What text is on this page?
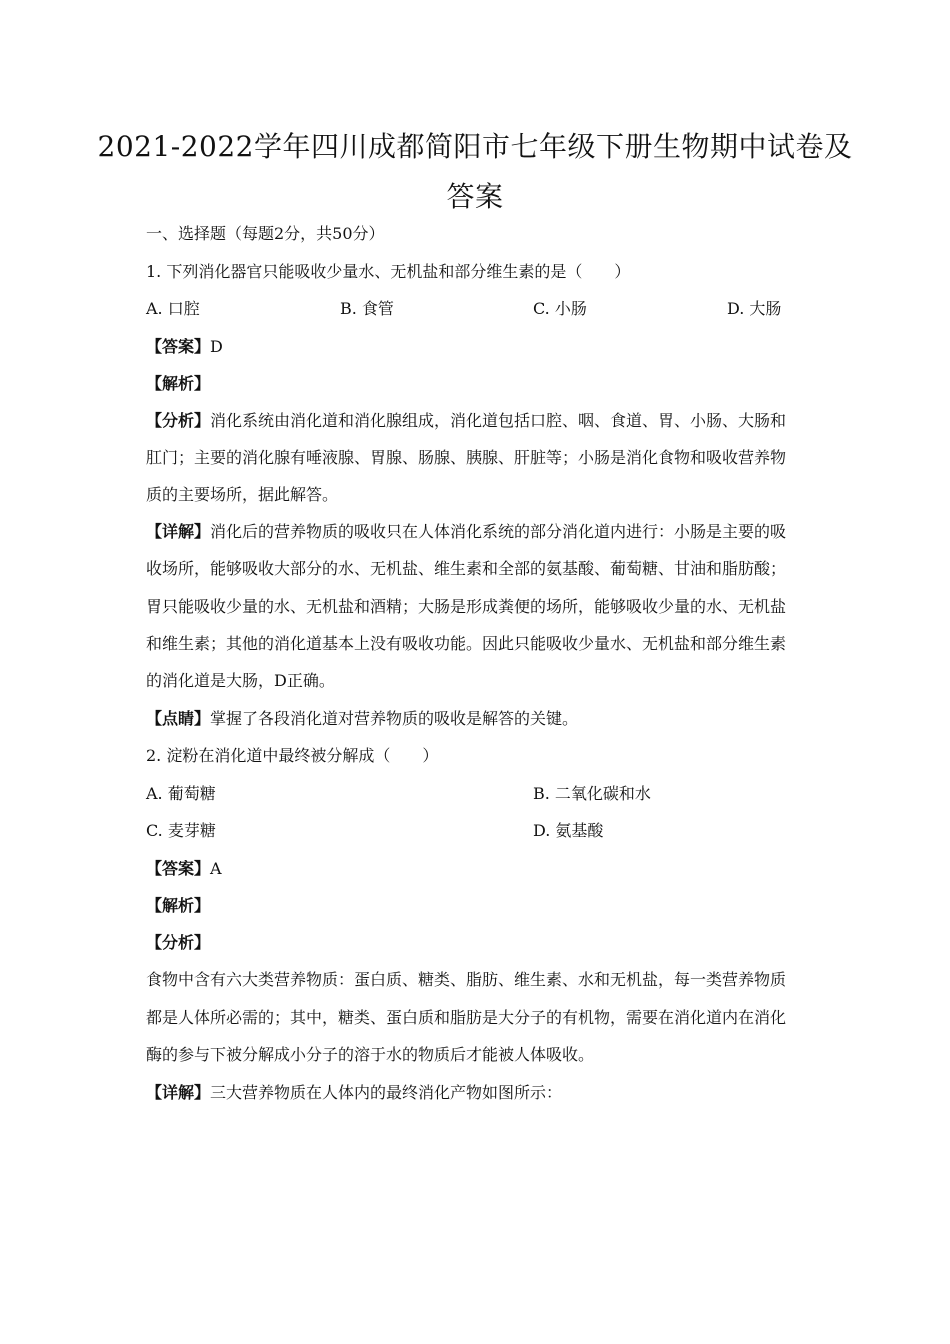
2021-2022学年四川成都简阳市七年级下册生物期中试卷及
答案
一、选择题（每题2分，共50分）
1. 下列消化器官只能吸收少量水、无机盐和部分维生素的是（　　）
A. 口腔	B. 食管	C. 小肠	D. 大肠
【答案】D
【解析】
【分析】消化系统由消化道和消化腺组成，消化道包括口腔、咽、食道、胃、小肠、大肠和
肛门；主要的消化腺有唾液腺、胃腺、肠腺、胰腺、肝脏等；小肠是消化食物和吸收营养物
质的主要场所，据此解答。
【详解】消化后的营养物质的吸收只在人体消化系统的部分消化道内进行：小肠是主要的吸
收场所，能够吸收大部分的水、无机盐、维生素和全部的氨基酸、葡萄糖、甘油和脂肪酸；
胃只能吸收少量的水、无机盐和酒精；大肠是形成粪便的场所，能够吸收少量的水、无机盐
和维生素；其他的消化道基本上没有吸收功能。因此只能吸收少量水、无机盐和部分维生素
的消化道是大肠，D正确。
【点睛】掌握了各段消化道对营养物质的吸收是解答的关键。
2. 淀粉在消化道中最终被分解成（　　）
A. 葡萄糖	B. 二氧化碳和水
C. 麦芽糖	D. 氨基酸
【答案】A
【解析】
【分析】
食物中含有六大类营养物质：蛋白质、糖类、脂肪、维生素、水和无机盐，每一类营养物质
都是人体所必需的；其中，糖类、蛋白质和脂肪是大分子的有机物，需要在消化道内在消化
酶的参与下被分解成小分子的溶于水的物质后才能被人体吸收。
【详解】三大营养物质在人体内的最终消化产物如图所示：
